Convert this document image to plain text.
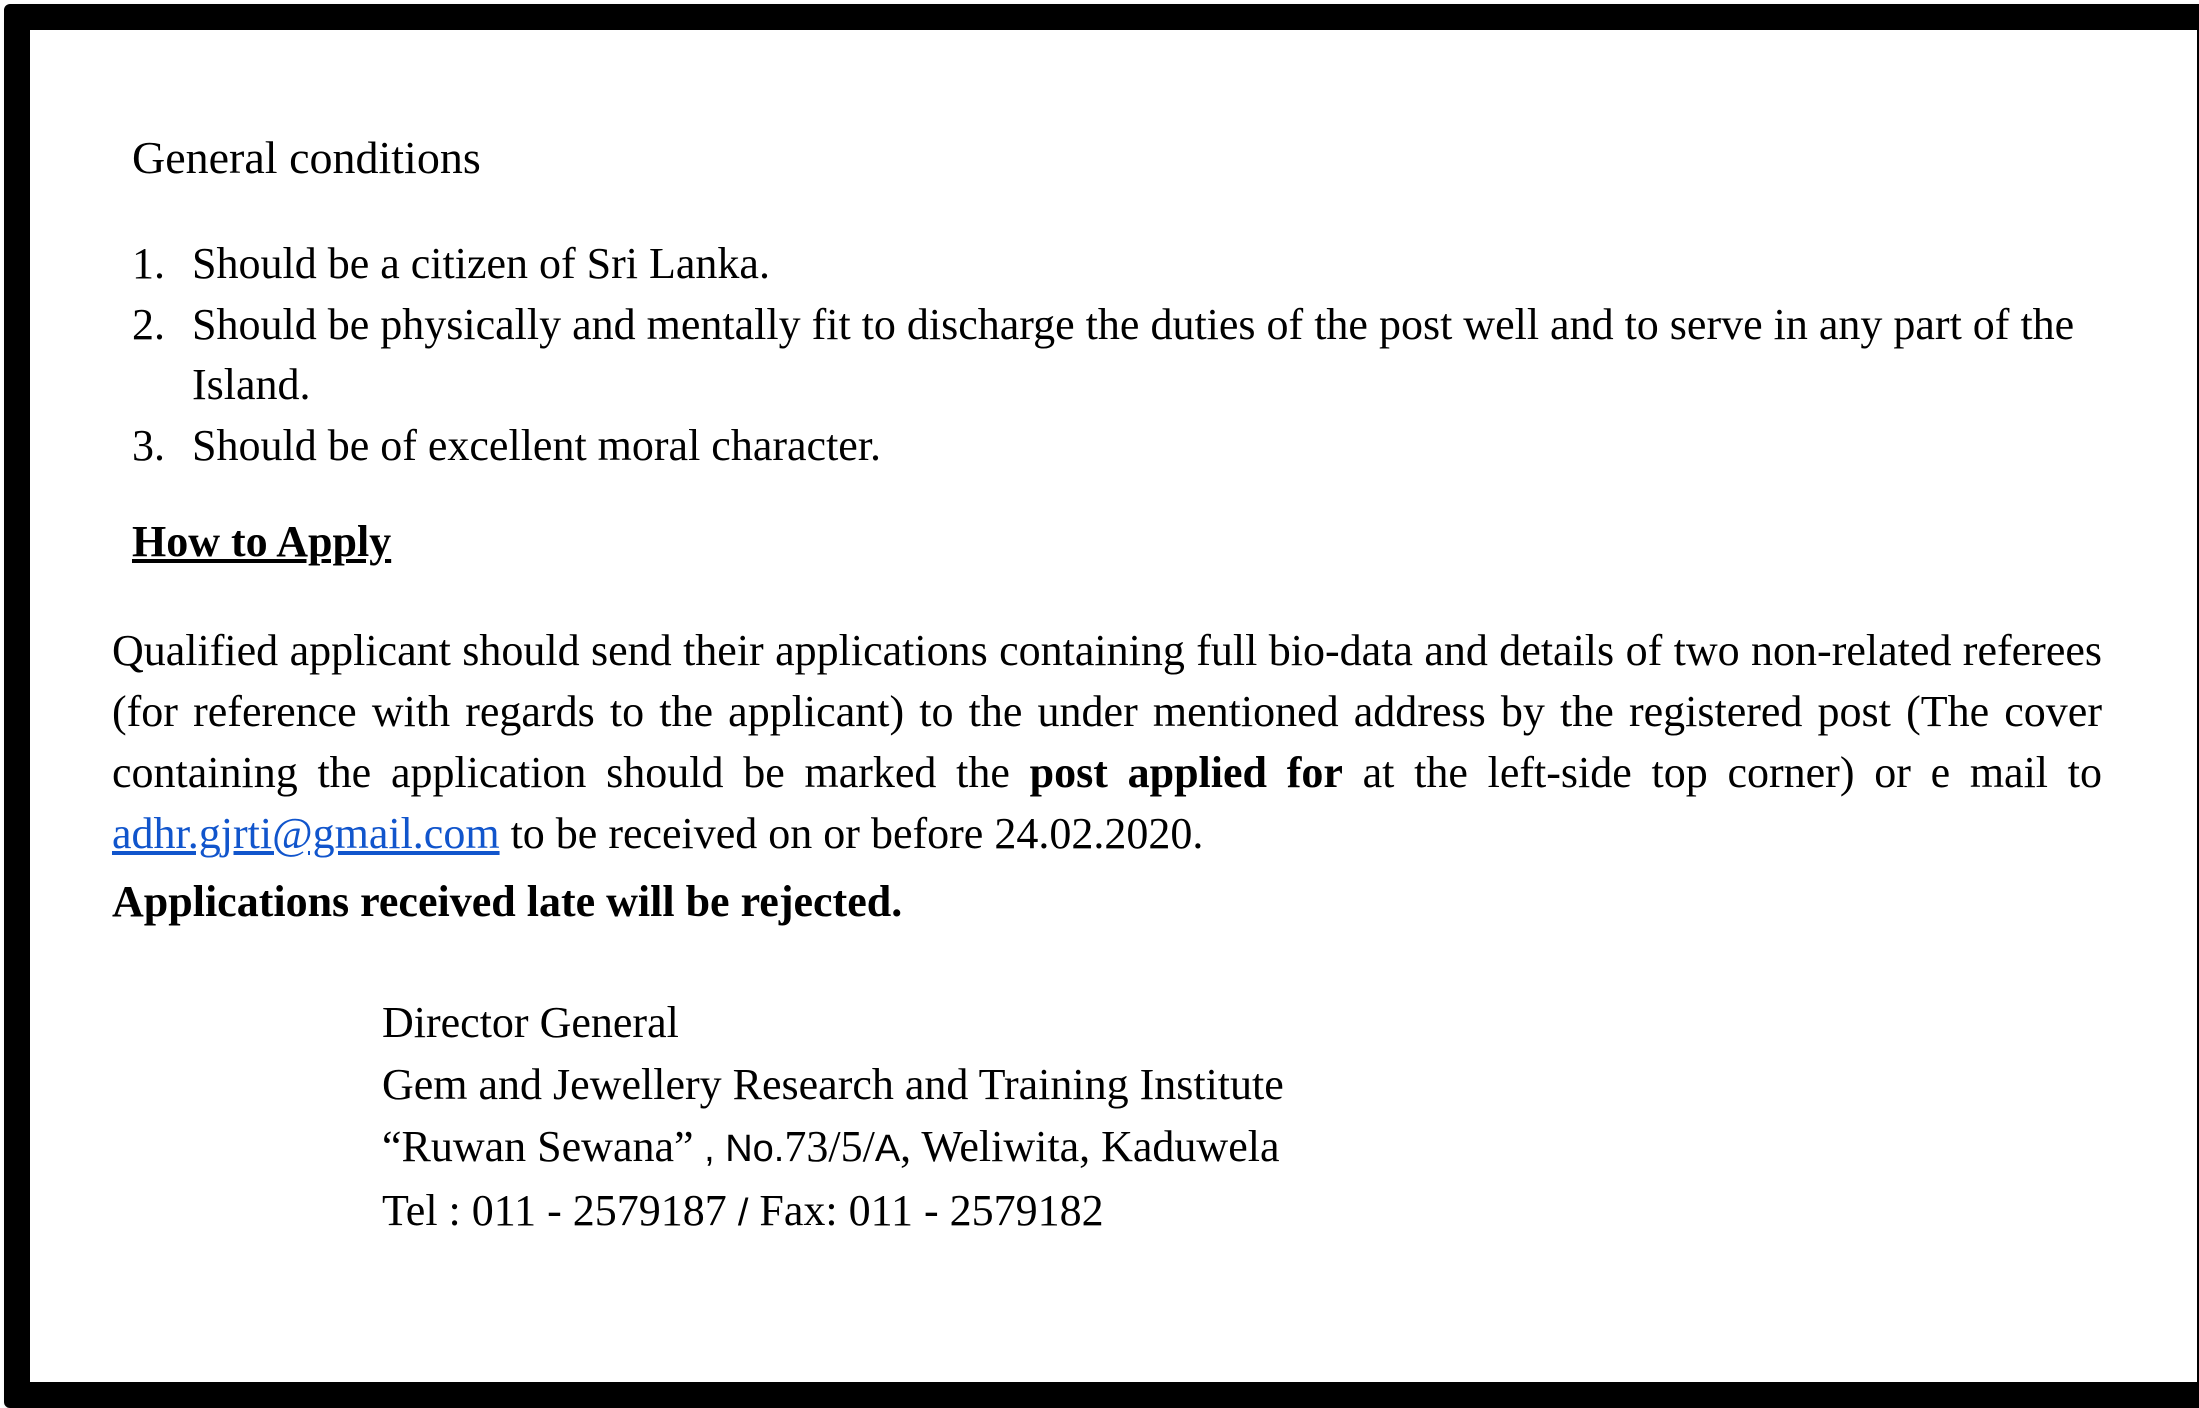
General conditions
1. Should be a citizen of Sri Lanka.
2. Should be physically and mentally fit to discharge the duties of the post well and to serve in any part of the Island.
3. Should be of excellent moral character.
How to Apply

Qualified applicant should send their applications containing full bio-data and details of two non-related referees (for reference with regards to the applicant) to the under mentioned address by the registered post (The cover containing the application should be marked the post applied for at the left-side top corner) or e mail to adhr.gjrti@gmail.com to be received on or before 24.02.2020.

Applications received late will be rejected.

Director General
Gem and Jewellery Research and Training Institute
“Ruwan Sewana” , No.73/5/A, Weliwita, Kaduwela
Tel : 011 - 2579187 / Fax: 011 - 2579182
